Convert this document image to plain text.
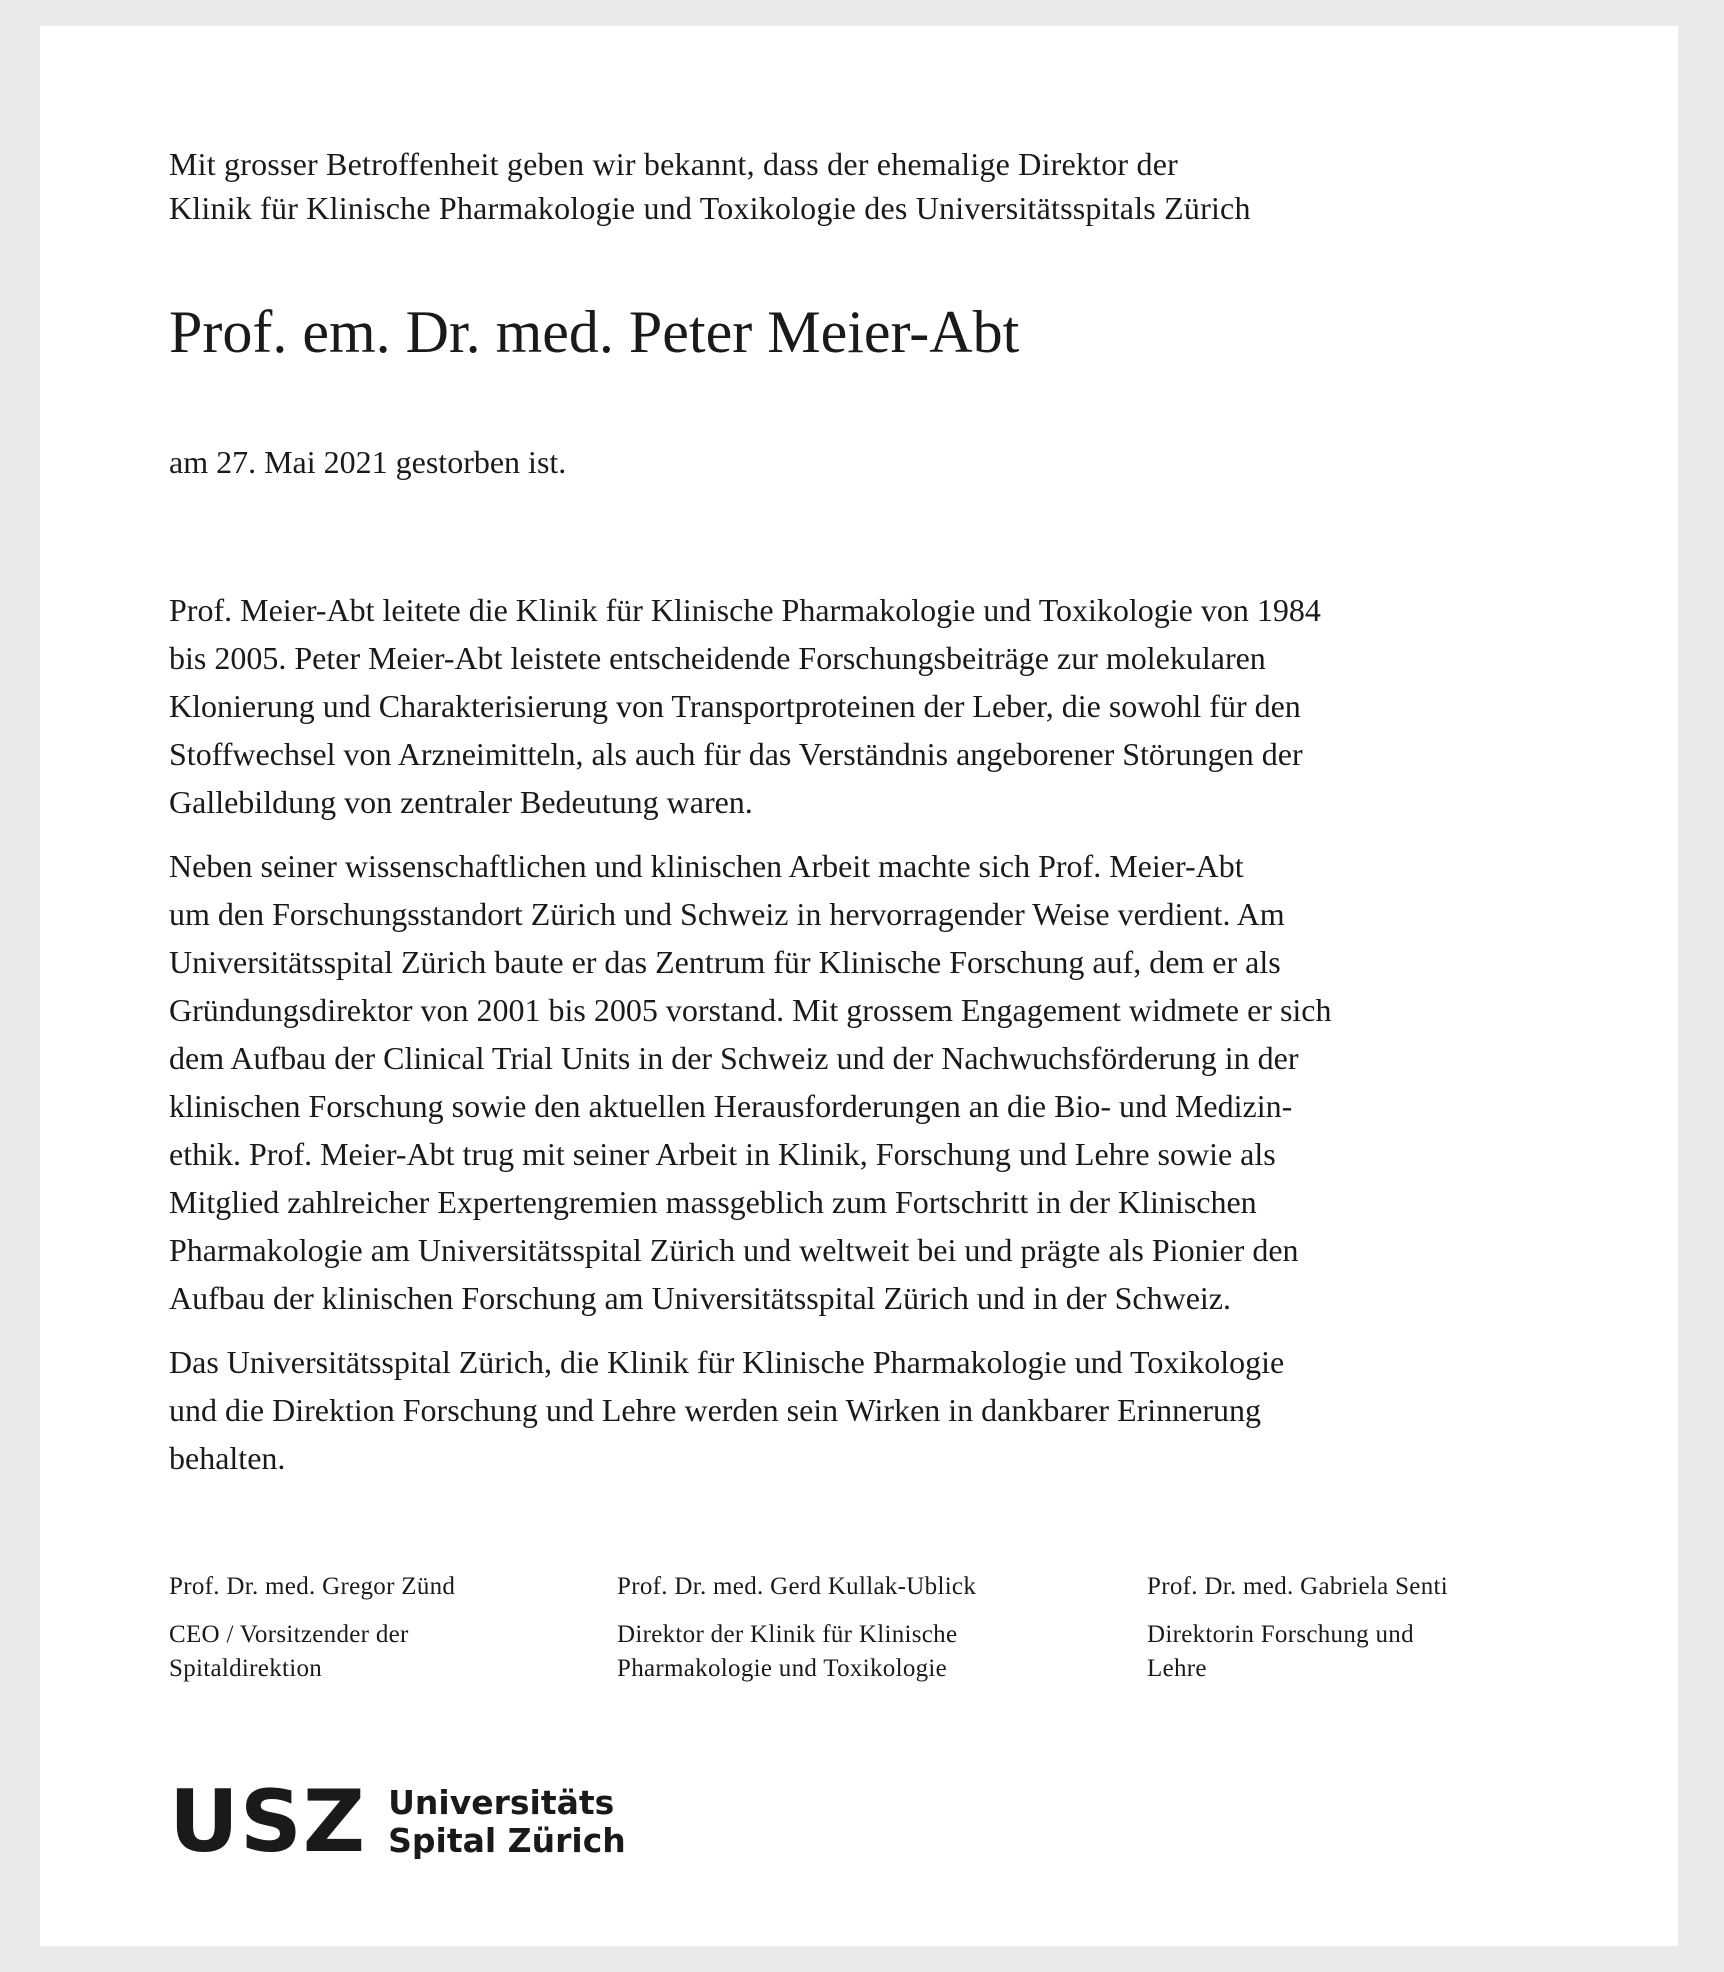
Mit grosser Betroffenheit geben wir bekannt, dass der ehemalige Direktor der
Klinik für Klinische Pharmakologie und Toxikologie des Universitätsspitals Zürich

Prof. em. Dr. med. Peter Meier-Abt

am 27. Mai 2021 gestorben ist.

Prof. Meier-Abt leitete die Klinik für Klinische Pharmakologie und Toxikologie von 1984
bis 2005. Peter Meier-Abt leistete entscheidende Forschungsbeiträge zur molekularen
Klonierung und Charakterisierung von Transportproteinen der Leber, die sowohl für den
Stoffwechsel von Arzneimitteln, als auch für das Verständnis angeborener Störungen der
Gallebildung von zentraler Bedeutung waren.

Neben seiner wissenschaftlichen und klinischen Arbeit machte sich Prof. Meier-Abt
um den Forschungsstandort Zürich und Schweiz in hervorragender Weise verdient. Am
Universitätsspital Zürich baute er das Zentrum für Klinische Forschung auf, dem er als
Gründungsdirektor von 2001 bis 2005 vorstand. Mit grossem Engagement widmete er sich
dem Aufbau der Clinical Trial Units in der Schweiz und der Nachwuchsförderung in der
klinischen Forschung sowie den aktuellen Herausforderungen an die Bio- und Medizin-
ethik. Prof. Meier-Abt trug mit seiner Arbeit in Klinik, Forschung und Lehre sowie als
Mitglied zahlreicher Expertengremien massgeblich zum Fortschritt in der Klinischen
Pharmakologie am Universitätsspital Zürich und weltweit bei und prägte als Pionier den
Aufbau der klinischen Forschung am Universitätsspital Zürich und in der Schweiz.

Das Universitätsspital Zürich, die Klinik für Klinische Pharmakologie und Toxikologie
und die Direktion Forschung und Lehre werden sein Wirken in dankbarer Erinnerung
behalten.

Prof. Dr. med. Gregor Zünd
CEO / Vorsitzender der
Spitaldirektion
Prof. Dr. med. Gerd Kullak-Ublick
Direktor der Klinik für Klinische
Pharmakologie und Toxikologie
Prof. Dr. med. Gabriela Senti
Direktorin Forschung und
Lehre
USZ Universitäts
Spital Zürich
